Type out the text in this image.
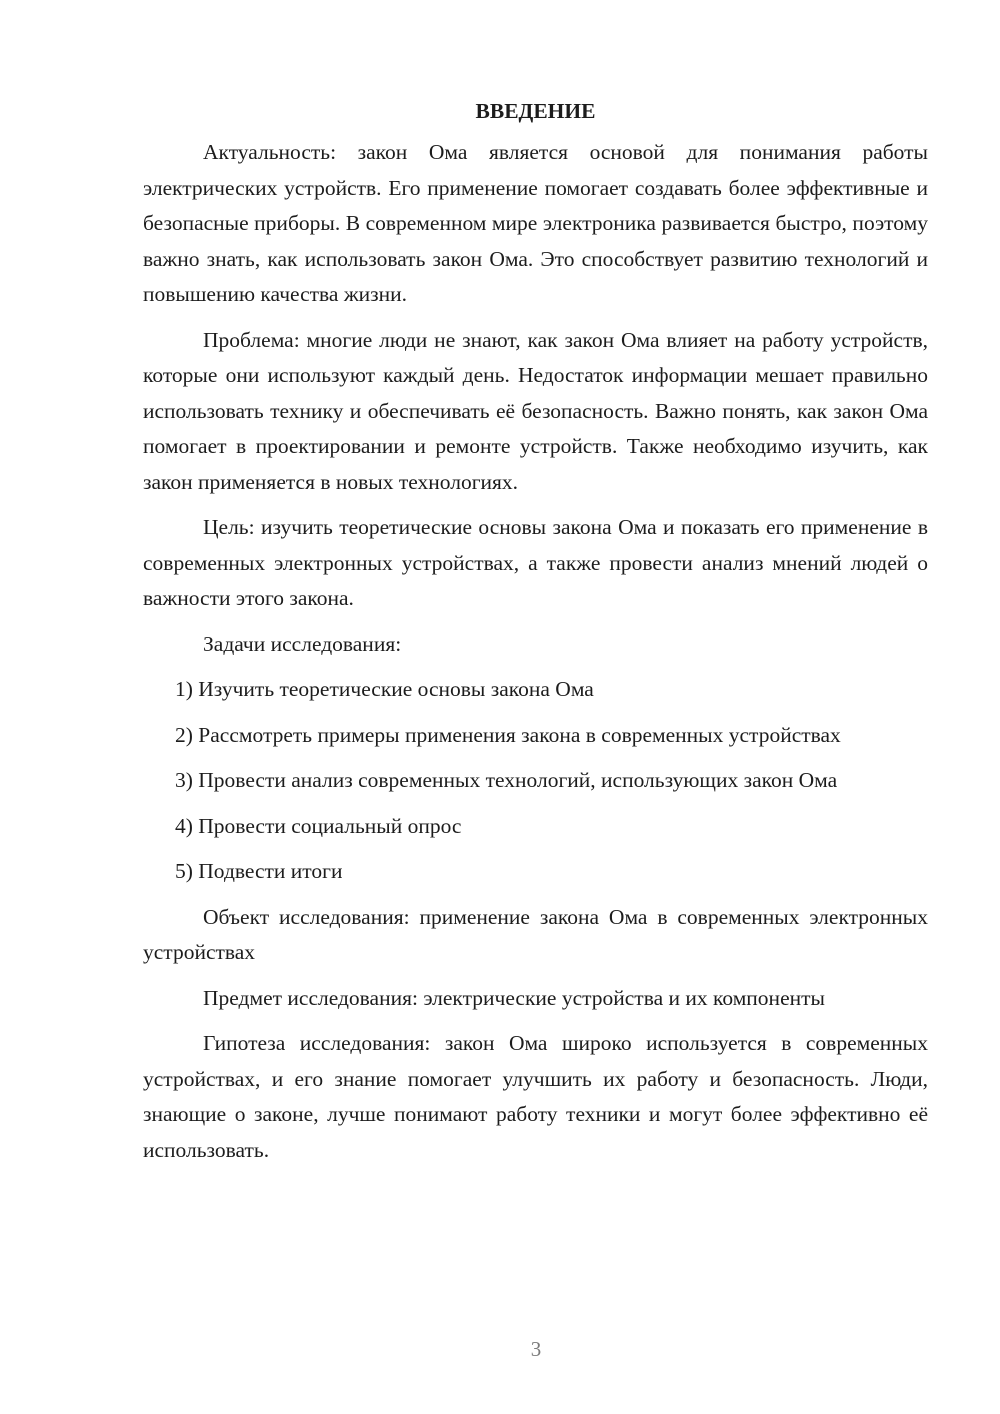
ВВЕДЕНИЕ

Актуальность: закон Ома является основой для понимания работы электрических устройств. Его применение помогает создавать более эффективные и безопасные приборы. В современном мире электроника развивается быстро, поэтому важно знать, как использовать закон Ома. Это способствует развитию технологий и повышению качества жизни.

Проблема: многие люди не знают, как закон Ома влияет на работу устройств, которые они используют каждый день. Недостаток информации мешает правильно использовать технику и обеспечивать её безопасность. Важно понять, как закон Ома помогает в проектировании и ремонте устройств. Также необходимо изучить, как закон применяется в новых технологиях.

Цель: изучить теоретические основы закона Ома и показать его применение в современных электронных устройствах, а также провести анализ мнений людей о важности этого закона.

Задачи исследования:

1) Изучить теоретические основы закона Ома

2) Рассмотреть примеры применения закона в современных устройствах

3) Провести анализ современных технологий, использующих закон Ома

4) Провести социальный опрос

5) Подвести итоги

Объект исследования: применение закона Ома в современных электронных устройствах

Предмет исследования: электрические устройства и их компоненты

Гипотеза исследования: закон Ома широко используется в современных устройствах, и его знание помогает улучшить их работу и безопасность. Люди, знающие о законе, лучше понимают работу техники и могут более эффективно её использовать.

3
